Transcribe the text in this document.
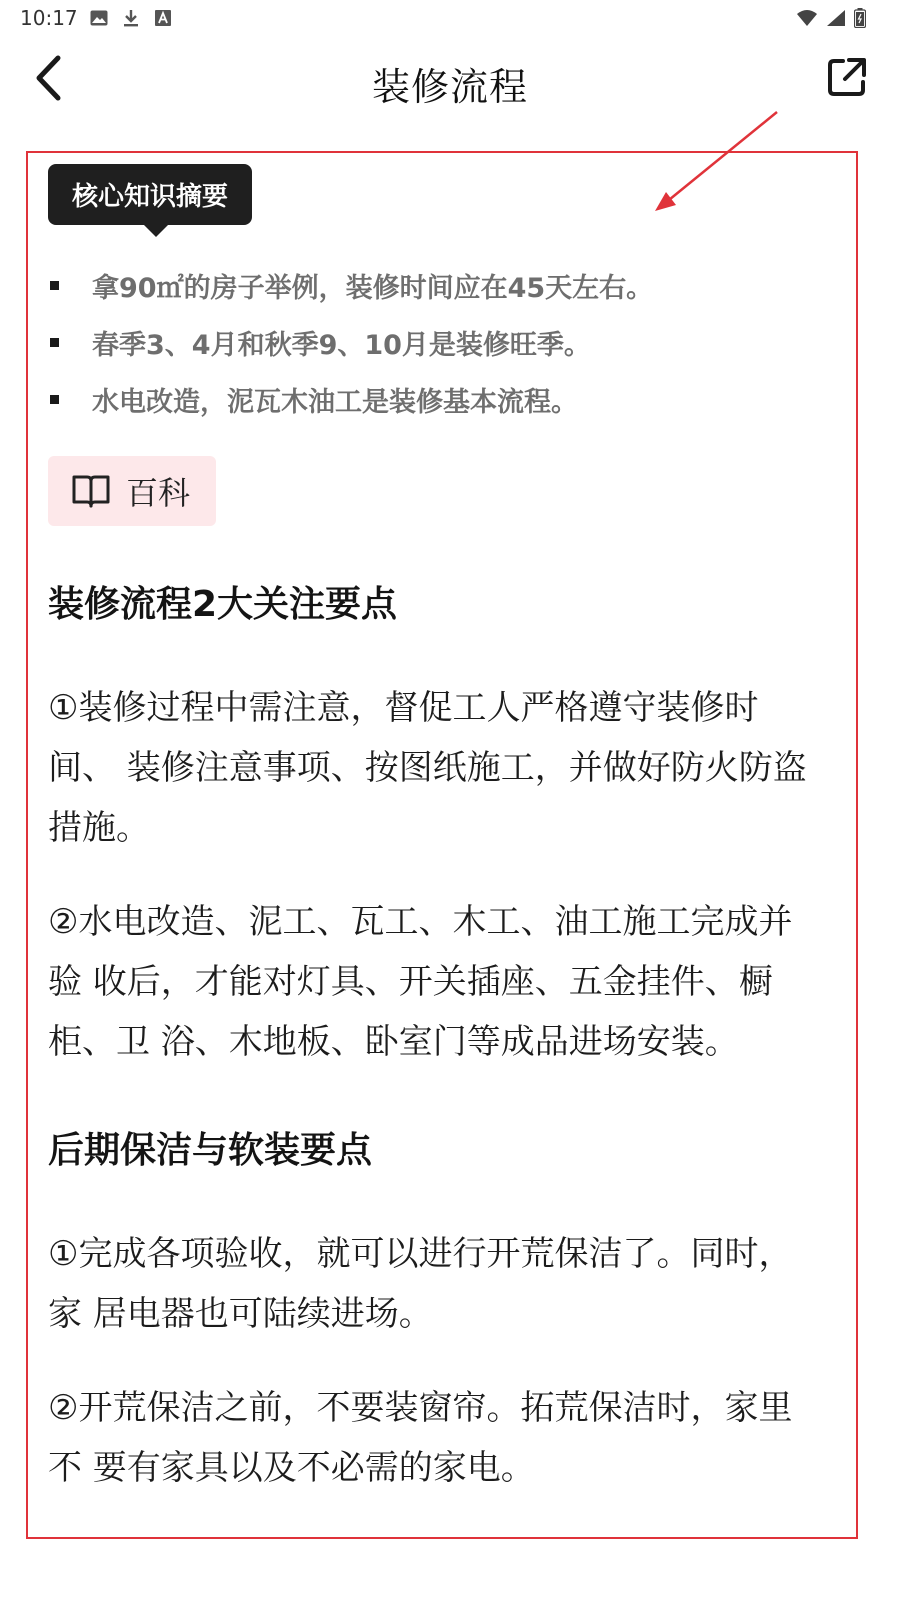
10:17
装修流程
核心知识摘要
拿90㎡的房子举例，装修时间应在45天左右。
春季3、4月和秋季9、10月是装修旺季。
水电改造，泥瓦木油工是装修基本流程。
百科
装修流程2大关注要点

①装修过程中需注意，督促工人严格遵守装修时间、 装修注意事项、按图纸施工，并做好防火防盗措施。

②水电改造、泥工、瓦工、木工、油工施工完成并验 收后，才能对灯具、开关插座、五金挂件、橱柜、卫 浴、木地板、卧室门等成品进场安装。

后期保洁与软装要点

①完成各项验收，就可以进行开荒保洁了。同时，家 居电器也可陆续进场。

②开荒保洁之前，不要装窗帘。拓荒保洁时，家里不 要有家具以及不必需的家电。
